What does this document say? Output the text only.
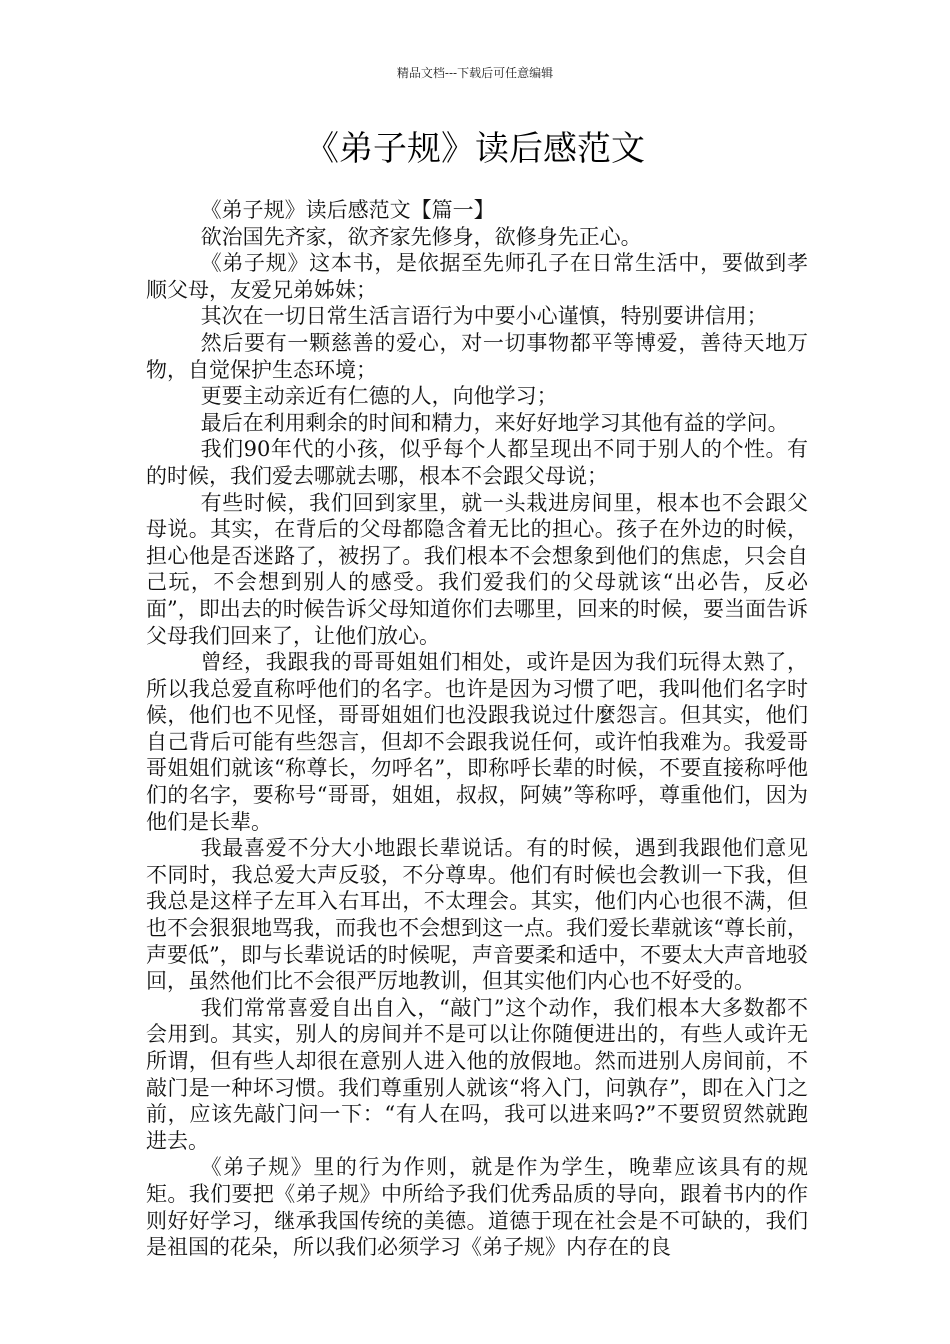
精品文档---下载后可任意编辑
《弟子规》读后感范文

《弟子规》读后感范文【篇一】

欲治国先齐家，欲齐家先修身，欲修身先正心。

《弟子规》这本书，是依据至先师孔子在日常生活中，要做到孝顺父母，友爱兄弟姊妹；

其次在一切日常生活言语行为中要小心谨慎，特别要讲信用；

然后要有一颗慈善的爱心，对一切事物都平等博爱，善待天地万物，自觉保护生态环境；

更要主动亲近有仁德的人，向他学习；

最后在利用剩余的时间和精力，来好好地学习其他有益的学问。

我们90年代的小孩，似乎每个人都呈现出不同于别人的个性。有的时候，我们爱去哪就去哪，根本不会跟父母说；

有些时候，我们回到家里，就一头栽进房间里，根本也不会跟父母说。其实，在背后的父母都隐含着无比的担心。孩子在外边的时候，担心他是否迷路了，被拐了。我们根本不会想象到他们的焦虑，只会自己玩，不会想到别人的感受。我们爱我们的父母就该“出必告，反必面”，即出去的时候告诉父母知道你们去哪里，回来的时候，要当面告诉父母我们回来了，让他们放心。

曾经，我跟我的哥哥姐姐们相处，或许是因为我们玩得太熟了，所以我总爱直称呼他们的名字。也许是因为习惯了吧，我叫他们名字时候，他们也不见怪，哥哥姐姐们也没跟我说过什麼怨言。但其实，他们自己背后可能有些怨言，但却不会跟我说任何，或许怕我难为。我爱哥哥姐姐们就该“称尊长，勿呼名”，即称呼长辈的时候，不要直接称呼他们的名字，要称号“哥哥，姐姐，叔叔，阿姨”等称呼，尊重他们，因为他们是长辈。

我最喜爱不分大小地跟长辈说话。有的时候，遇到我跟他们意见不同时，我总爱大声反驳，不分尊卑。他们有时候也会教训一下我，但我总是这样子左耳入右耳出，不太理会。其实，他们内心也很不满，但也不会狠狠地骂我，而我也不会想到这一点。我们爱长辈就该“尊长前，声要低”，即与长辈说话的时候呢，声音要柔和适中，不要太大声音地驳回，虽然他们比不会很严厉地教训，但其实他们内心也不好受的。

我们常常喜爱自出自入，“敲门”这个动作，我们根本大多数都不会用到。其实，别人的房间并不是可以让你随便进出的，有些人或许无所谓，但有些人却很在意别人进入他的放假地。然而进别人房间前，不敲门是一种坏习惯。我们尊重别人就该“将入门，问孰存”，即在入门之前，应该先敲门问一下：“有人在吗，我可以进来吗?”不要贸贸然就跑进去。

《弟子规》里的行为作则，就是作为学生，晚辈应该具有的规矩。我们要把《弟子规》中所给予我们优秀品质的导向，跟着书内的作则好好学习，继承我国传统的美德。道德于现在社会是不可缺的，我们是祖国的花朵，所以我们必须学习《弟子规》内存在的良
